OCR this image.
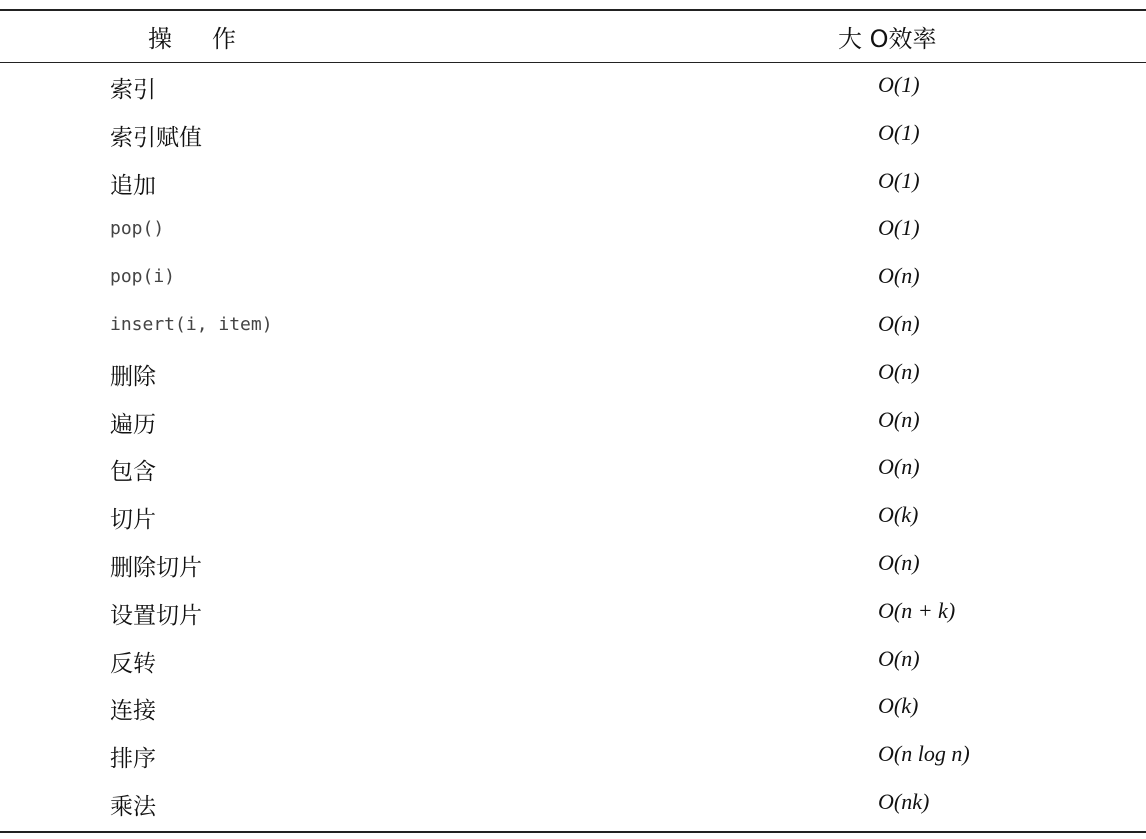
操作	大 O效率
索引	O(1)
索引赋值	O(1)
追加	O(1)
pop()	O(1)
pop(i)	O(n)
insert(i, item)	O(n)
删除	O(n)
遍历	O(n)
包含	O(n)
切片	O(k)
删除切片	O(n)
设置切片	O(n + k)
反转	O(n)
连接	O(k)
排序	O(n log n)
乘法	O(nk)
